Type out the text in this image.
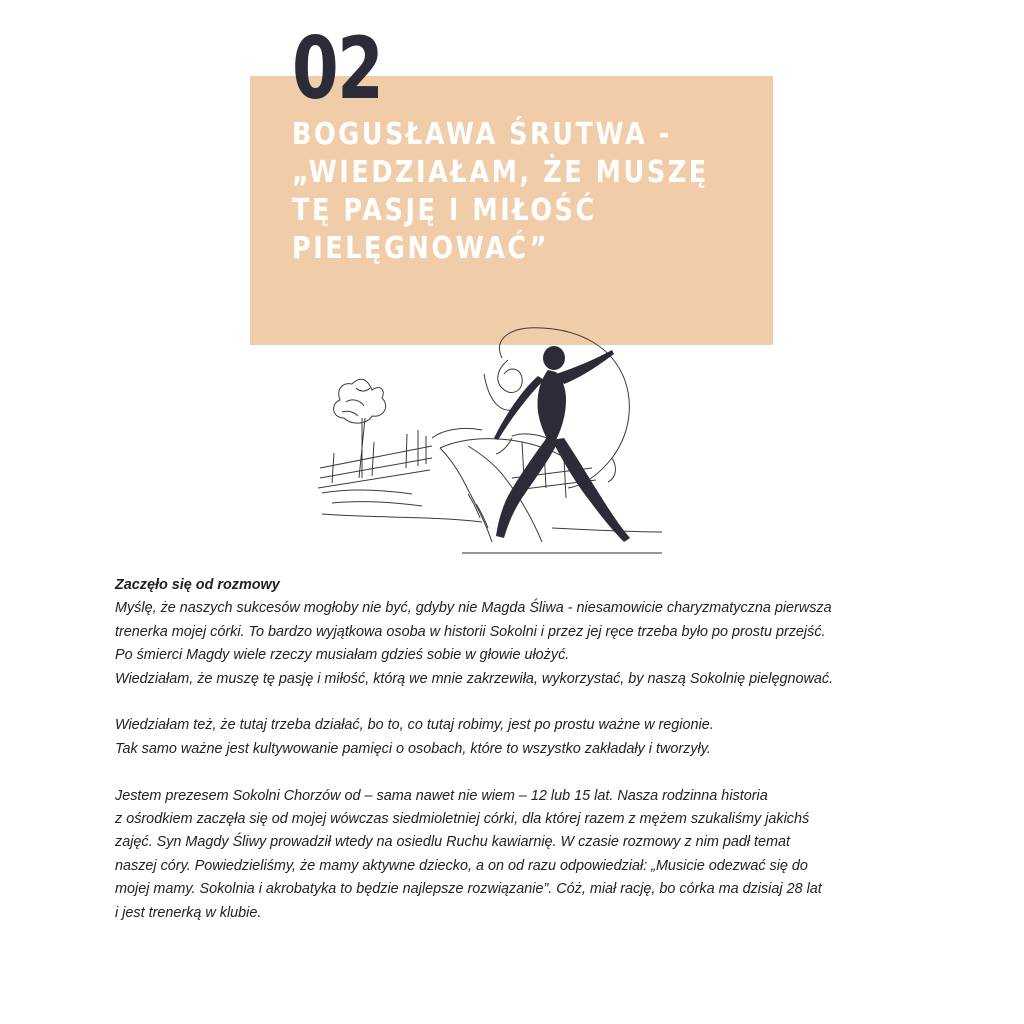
02
BOGUSŁAWA ŚRUTWA -
„WIEDZIAŁAM, ŻE MUSZĘ
TĘ PASJĘ I MIŁOŚĆ
PIELĘGNOWAĆ”

Zaczęło się od rozmowy

Myślę, że naszych sukcesów mogłoby nie być, gdyby nie Magda Śliwa - niesamowicie charyzmatyczna pierwsza
trenerka mojej córki. To bardzo wyjątkowa osoba w historii Sokolni i przez jej ręce trzeba było po prostu przejść.
Po śmierci Magdy wiele rzeczy musiałam gdzieś sobie w głowie ułożyć.
Wiedziałam, że muszę tę pasję i miłość, którą we mnie zakrzewiła, wykorzystać, by naszą Sokolnię pielęgnować.

Wiedziałam też, że tutaj trzeba działać, bo to, co tutaj robimy, jest po prostu ważne w regionie.
Tak samo ważne jest kultywowanie pamięci o osobach, które to wszystko zakładały i tworzyły.

Jestem prezesem Sokolni Chorzów od – sama nawet nie wiem – 12 lub 15 lat. Nasza rodzinna historia
z ośrodkiem zaczęła się od mojej wówczas siedmioletniej córki, dla której razem z mężem szukaliśmy jakichś
zajęć. Syn Magdy Śliwy prowadził wtedy na osiedlu Ruchu kawiarnię. W czasie rozmowy z nim padł temat
naszej córy. Powiedzieliśmy, że mamy aktywne dziecko, a on od razu odpowiedział: „Musicie odezwać się do
mojej mamy. Sokolnia i akrobatyka to będzie najlepsze rozwiązanie”. Cóż, miał rację, bo córka ma dzisiaj 28 lat
i jest trenerką w klubie.
